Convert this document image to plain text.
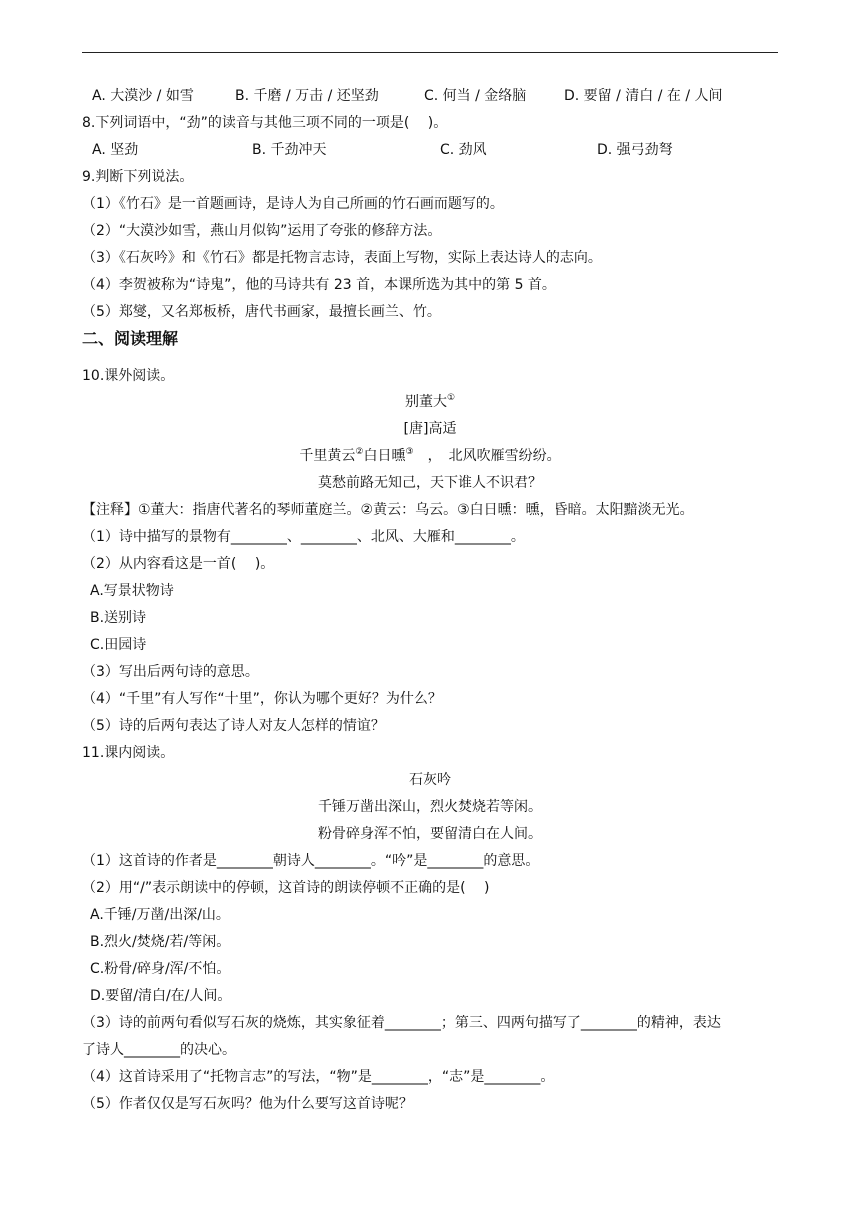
A. 大漠沙 / 如雪	B. 千磨 / 万击 / 还坚劲	C. 何当 / 金络脑	D. 要留 / 清白 / 在 / 人间
8.下列词语中，“劲”的读音与其他三项不同的一项是(　 )。
A. 坚劲	B. 千劲冲天	C. 劲风	D. 强弓劲弩
9.判断下列说法。
（1）《竹石》是一首题画诗，是诗人为自己所画的竹石画而题写的。
（2）“大漠沙如雪，燕山月似钩”运用了夸张的修辞方法。
（3）《石灰吟》和《竹石》都是托物言志诗，表面上写物，实际上表达诗人的志向。
（4）李贺被称为“诗鬼”，他的马诗共有 23 首，本课所选为其中的第 5 首。
（5）郑燮，又名郑板桥，唐代书画家，最擅长画兰、竹。
二、阅读理解
10.课外阅读。
别董大①
[唐]高适
千里黄云②白日曛③　，　北风吹雁雪纷纷。
莫愁前路无知己，天下谁人不识君？
【注释】①董大：指唐代著名的琴师董庭兰。②黄云：乌云。③白日曛：曛，昏暗。太阳黯淡无光。
（1）诗中描写的景物有________、________、北风、大雁和________。
（2）从内容看这是一首(　 )。
A.写景状物诗
B.送别诗
C.田园诗
（3）写出后两句诗的意思。
（4）“千里”有人写作“十里”，你认为哪个更好？为什么？
（5）诗的后两句表达了诗人对友人怎样的情谊？
11.课内阅读。
石灰吟
千锤万凿出深山，烈火焚烧若等闲。
粉骨碎身浑不怕，要留清白在人间。
（1）这首诗的作者是________朝诗人________。“吟”是________的意思。
（2）用“/”表示朗读中的停顿，这首诗的朗读停顿不正确的是(　 )
A.千锤/万凿/出深/山。
B.烈火/焚烧/若/等闲。
C.粉骨/碎身/浑/不怕。
D.要留/清白/在/人间。
（3）诗的前两句看似写石灰的烧炼，其实象征着________；第三、四两句描写了________的精神，表达
了诗人________的决心。
（4）这首诗采用了“托物言志”的写法，“物”是________，“志”是________。
（5）作者仅仅是写石灰吗？他为什么要写这首诗呢？
